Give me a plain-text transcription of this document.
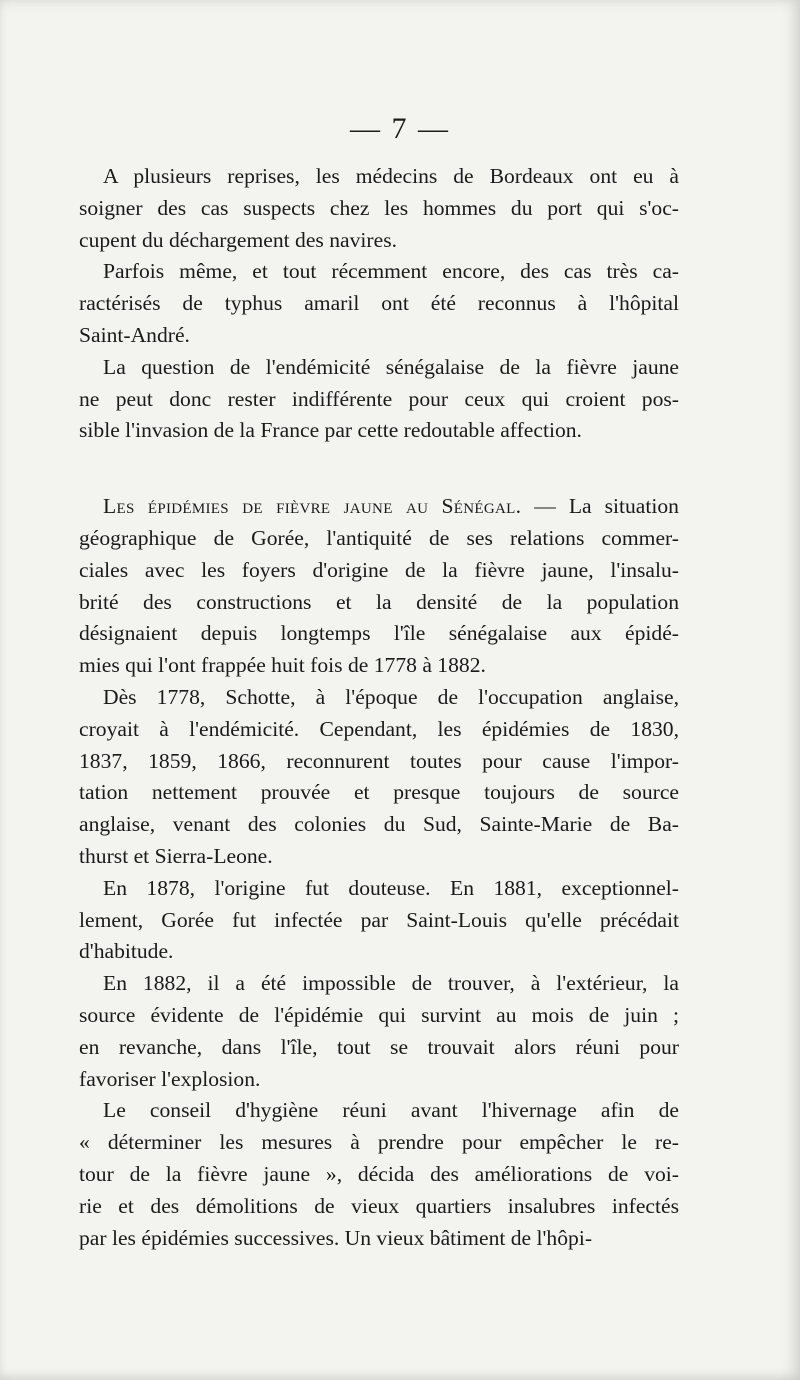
— 7 —

A plusieurs reprises, les médecins de Bordeaux ont eu à

soigner des cas suspects chez les hommes du port qui s'oc-

cupent du déchargement des navires.

Parfois même, et tout récemment encore, des cas très ca-

ractérisés de typhus amaril ont été reconnus à l'hôpital

Saint-André.

La question de l'endémicité sénégalaise de la fièvre jaune

ne peut donc rester indifférente pour ceux qui croient pos-

sible l'invasion de la France par cette redoutable affection.

Les épidémies de fièvre jaune au Sénégal. — La situation

géographique de Gorée, l'antiquité de ses relations commer-

ciales avec les foyers d'origine de la fièvre jaune, l'insalu-

brité des constructions et la densité de la population

désignaient depuis longtemps l'île sénégalaise aux épidé-

mies qui l'ont frappée huit fois de 1778 à 1882.

Dès 1778, Schotte, à l'époque de l'occupation anglaise,

croyait à l'endémicité. Cependant, les épidémies de 1830,

1837, 1859, 1866, reconnurent toutes pour cause l'impor-

tation nettement prouvée et presque toujours de source

anglaise, venant des colonies du Sud, Sainte-Marie de Ba-

thurst et Sierra-Leone.

En 1878, l'origine fut douteuse. En 1881, exceptionnel-

lement, Gorée fut infectée par Saint-Louis qu'elle précédait

d'habitude.

En 1882, il a été impossible de trouver, à l'extérieur, la

source évidente de l'épidémie qui survint au mois de juin ;

en revanche, dans l'île, tout se trouvait alors réuni pour

favoriser l'explosion.

Le conseil d'hygiène réuni avant l'hivernage afin de

« déterminer les mesures à prendre pour empêcher le re-

tour de la fièvre jaune », décida des améliorations de voi-

rie et des démolitions de vieux quartiers insalubres infectés

par les épidémies successives. Un vieux bâtiment de l'hôpi-
